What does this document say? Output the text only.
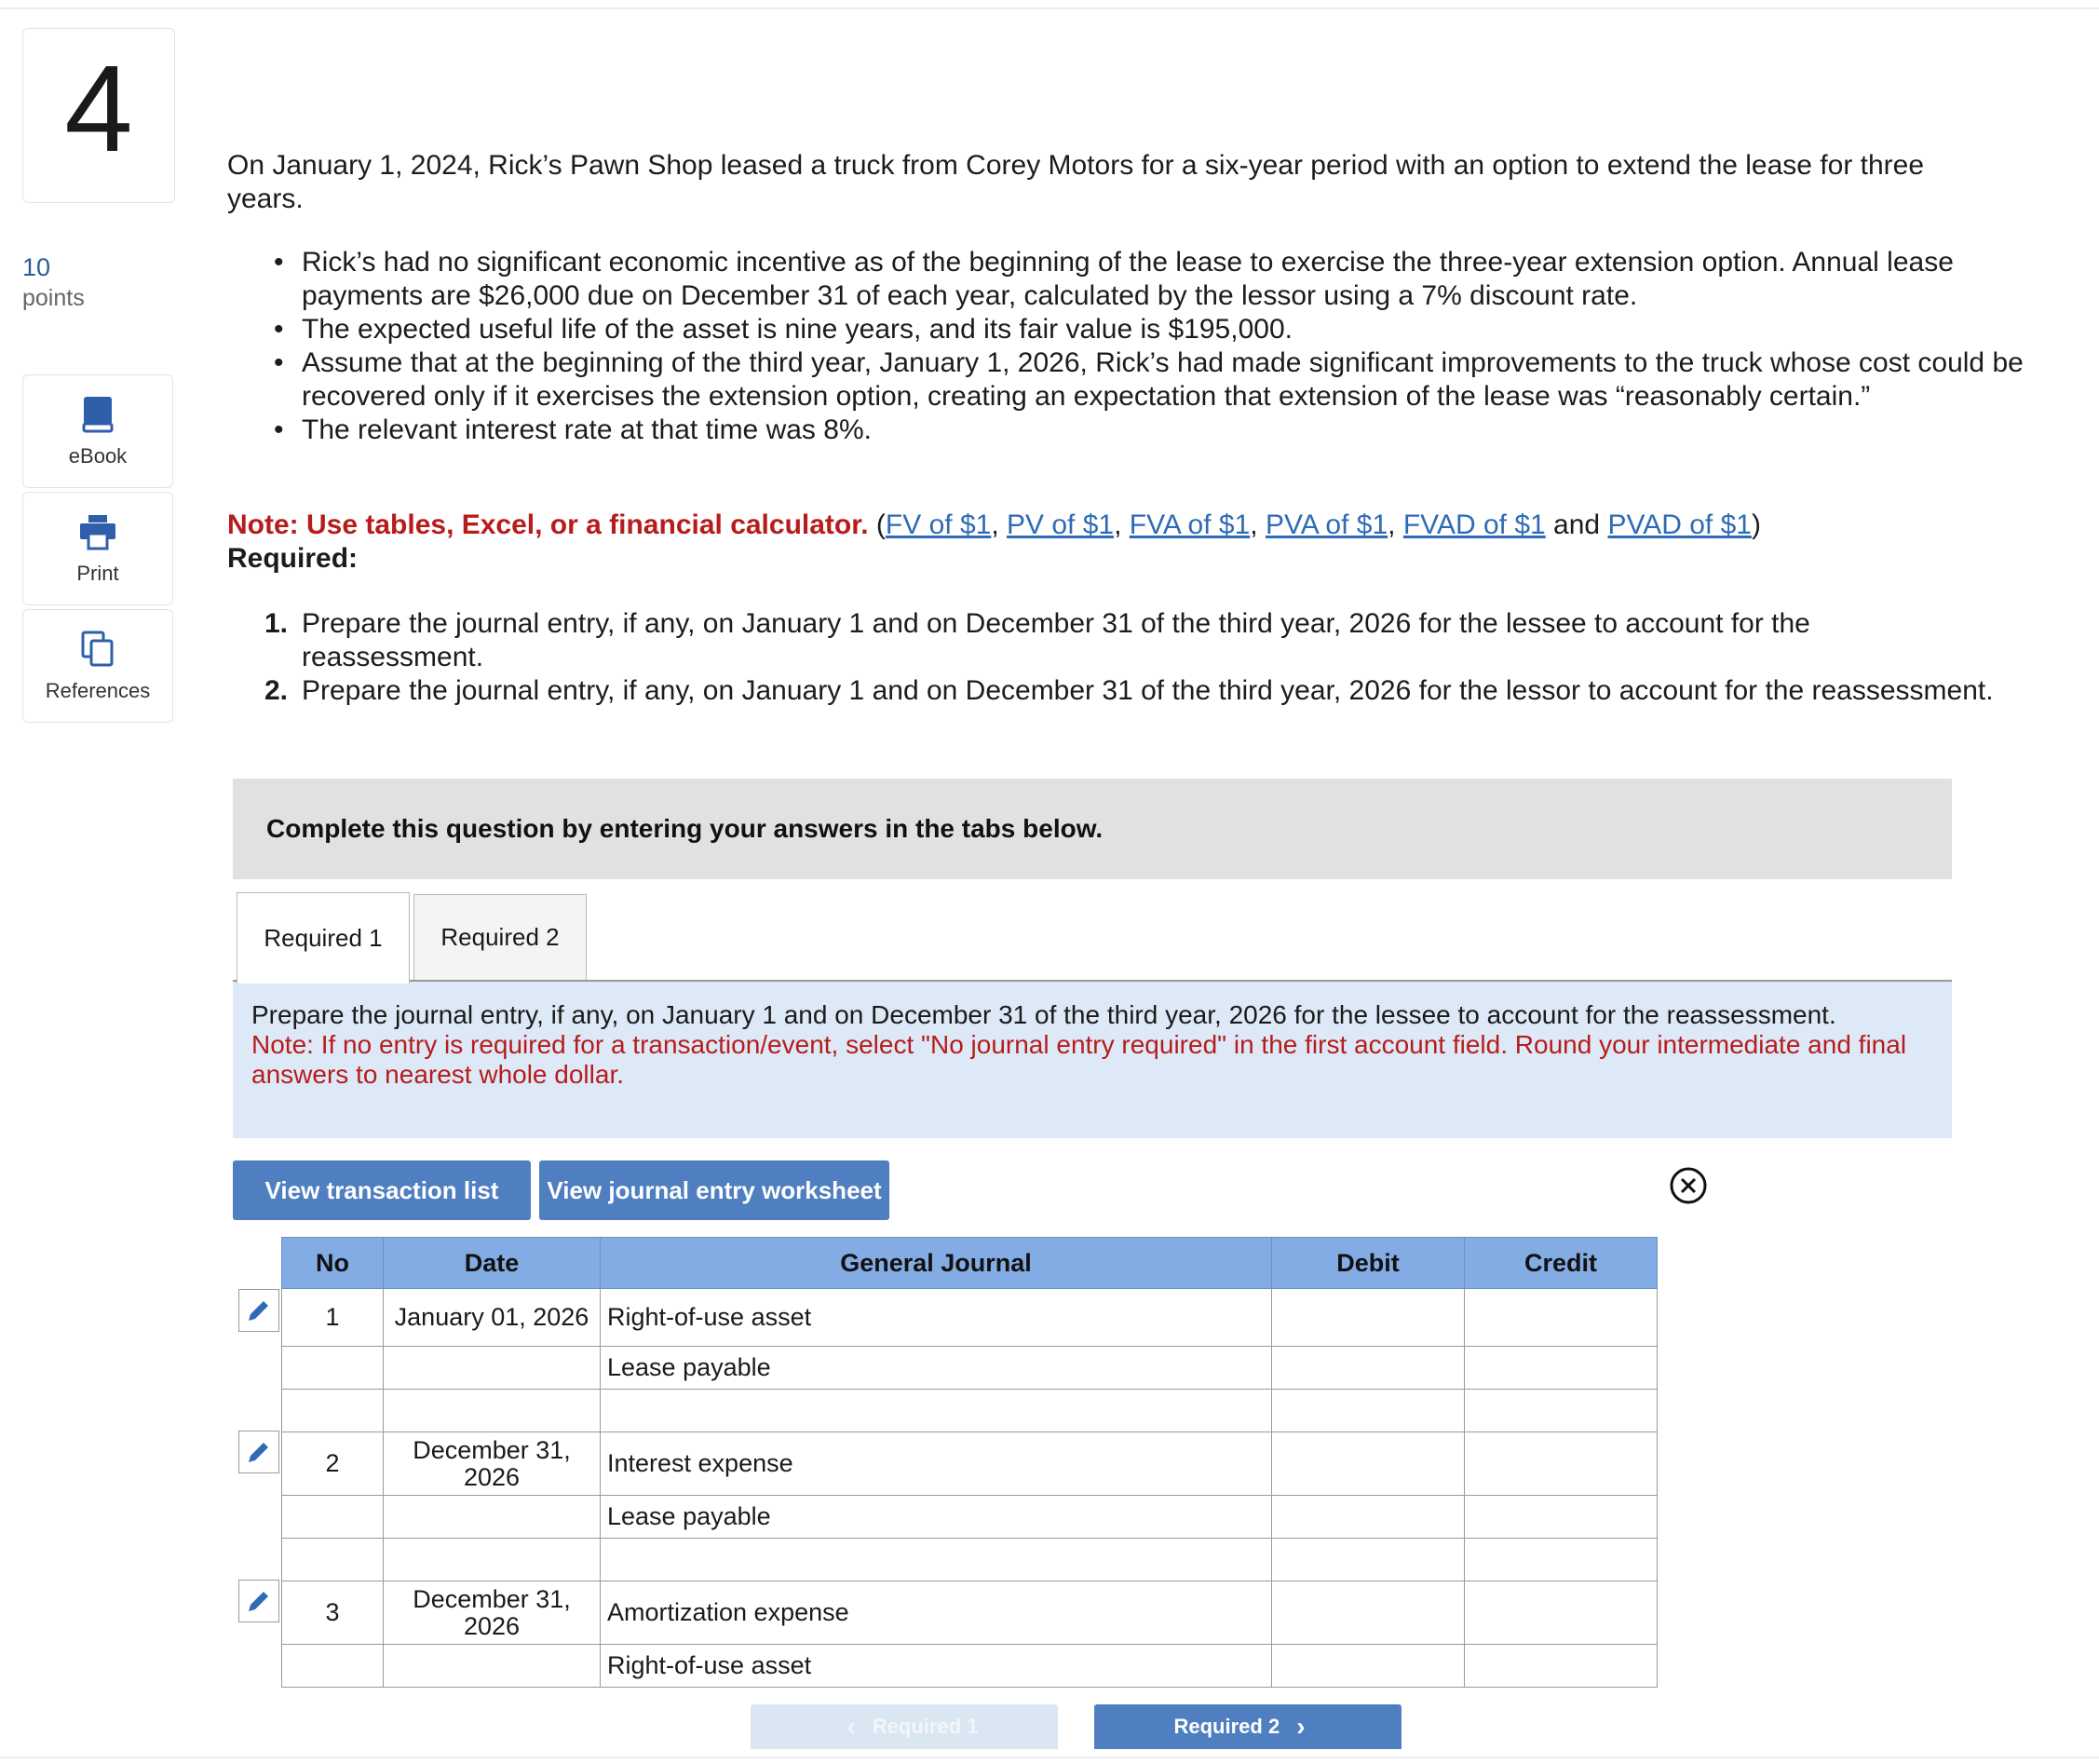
4
10
points
eBook
Print
References
On January 1, 2024, Rick’s Pawn Shop leased a truck from Corey Motors for a six-year period with an option to extend the lease for three years.
• Rick’s had no significant economic incentive as of the beginning of the lease to exercise the three-year extension option. Annual lease payments are $26,000 due on December 31 of each year, calculated by the lessor using a 7% discount rate.
• The expected useful life of the asset is nine years, and its fair value is $195,000.
• Assume that at the beginning of the third year, January 1, 2026, Rick’s had made significant improvements to the truck whose cost could be recovered only if it exercises the extension option, creating an expectation that extension of the lease was “reasonably certain.”
• The relevant interest rate at that time was 8%.
Note: Use tables, Excel, or a financial calculator. (FV of $1, PV of $1, FVA of $1, PVA of $1, FVAD of $1 and PVAD of $1)
Required:
1. Prepare the journal entry, if any, on January 1 and on December 31 of the third year, 2026 for the lessee to account for the reassessment.
2. Prepare the journal entry, if any, on January 1 and on December 31 of the third year, 2026 for the lessor to account for the reassessment.
Complete this question by entering your answers in the tabs below.
Required 1	Required 2
Prepare the journal entry, if any, on January 1 and on December 31 of the third year, 2026 for the lessee to account for the reassessment.
Note: If no entry is required for a transaction/event, select "No journal entry required" in the first account field. Round your intermediate and final answers to nearest whole dollar.
View transaction list	View journal entry worksheet
No	Date	General Journal	Debit	Credit
1	January 01, 2026	Right-of-use asset		
		Lease payable		

2	December 31, 2026	Interest expense		
		Lease payable		

3	December 31, 2026	Amortization expense		
		Right-of-use asset		
‹ Required 1	Required 2 ›
